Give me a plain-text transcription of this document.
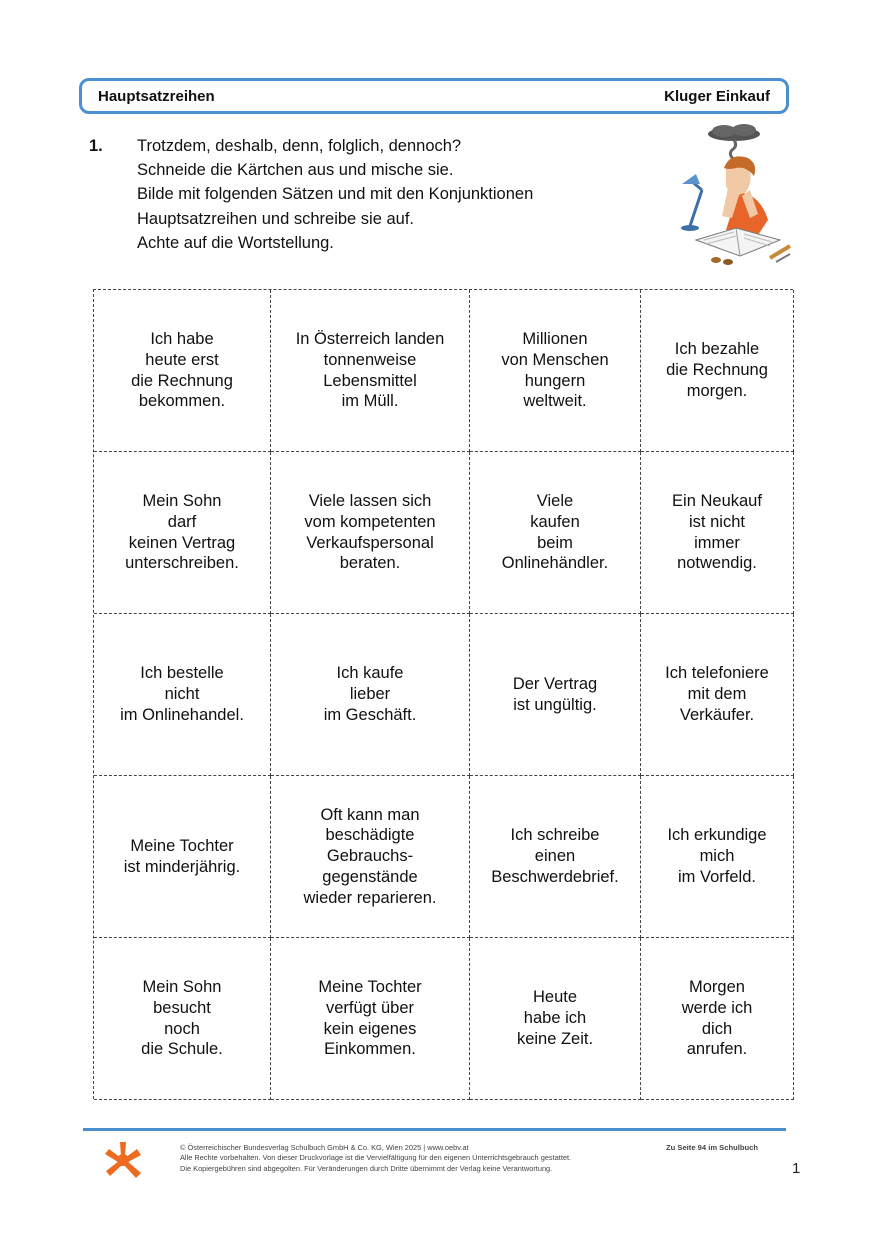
Hauptsatzreihen	Kluger Einkauf
1. Trotzdem, deshalb, denn, folglich, dennoch?
Schneide die Kärtchen aus und mische sie.
Bilde mit folgenden Sätzen und mit den Konjunktionen
Hauptsatzreihen und schreibe sie auf.
Achte auf die Wortstellung.
Ich habe
heute erst
die Rechnung
bekommen.
In Österreich landen
tonnenweise
Lebensmittel
im Müll.
Millionen
von Menschen
hungern
weltweit.
Ich bezahle
die Rechnung
morgen.
Mein Sohn
darf
keinen Vertrag
unterschreiben.
Viele lassen sich
vom kompetenten
Verkaufspersonal
beraten.
Viele
kaufen
beim
Onlinehändler.
Ein Neukauf
ist nicht
immer
notwendig.
Ich bestelle
nicht
im Onlinehandel.
Ich kaufe
lieber
im Geschäft.
Der Vertrag
ist ungültig.
Ich telefoniere
mit dem
Verkäufer.
Meine Tochter
ist minderjährig.
Oft kann man
beschädigte
Gebrauchs-
gegenstände
wieder reparieren.
Ich schreibe
einen
Beschwerdebrief.
Ich erkundige
mich
im Vorfeld.
Mein Sohn
besucht
noch
die Schule.
Meine Tochter
verfügt über
kein eigenes
Einkommen.
Heute
habe ich
keine Zeit.
Morgen
werde ich
dich
anrufen.
© Österreichischer Bundesverlag Schulbuch GmbH & Co. KG, Wien 2025 | www.oebv.at
Alle Rechte vorbehalten. Von dieser Druckvorlage ist die Vervielfältigung für den eigenen Unterrichtsgebrauch gestattet.
Die Kopiergebühren sind abgegolten. Für Veränderungen durch Dritte übernimmt der Verlag keine Verantwortung.
Zu Seite 94 im Schulbuch
1
